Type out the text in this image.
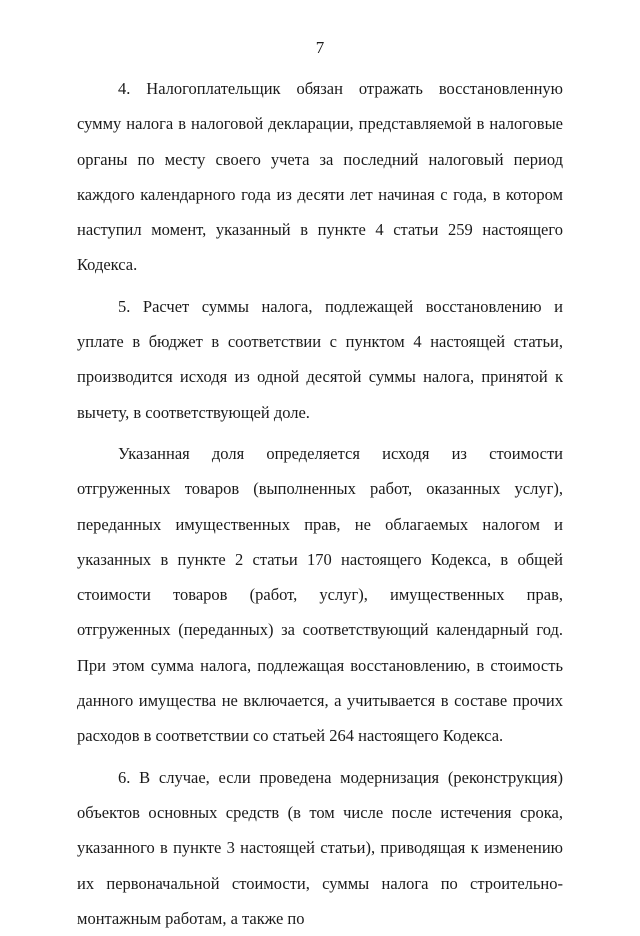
7

4. Налогоплательщик обязан отражать восстановленную сумму налога в налоговой декларации, представляемой в налоговые органы по месту своего учета за последний налоговый период каждого календарного года из десяти лет начиная с года, в котором наступил момент, указанный в пункте 4 статьи 259 настоящего Кодекса.

5. Расчет суммы налога, подлежащей восстановлению и уплате в бюджет в соответствии с пунктом 4 настоящей статьи, производится исходя из одной десятой суммы налога, принятой к вычету, в соответствующей доле.

Указанная доля определяется исходя из стоимости отгруженных товаров (выполненных работ, оказанных услуг), переданных имущественных прав, не облагаемых налогом и указанных в пункте 2 статьи 170 настоящего Кодекса, в общей стоимости товаров (работ, услуг), имущественных прав, отгруженных (переданных) за соответствующий календарный год. При этом сумма налога, подлежащая восстановлению, в стоимость данного имущества не включается, а учитывается в составе прочих расходов в соответствии со статьей 264 настоящего Кодекса.

6. В случае, если проведена модернизация (реконструкция) объектов основных средств (в том числе после истечения срока, указанного в пункте 3 настоящей статьи), приводящая к изменению их первоначальной стоимости, суммы налога по строительно-монтажным работам, а также по
